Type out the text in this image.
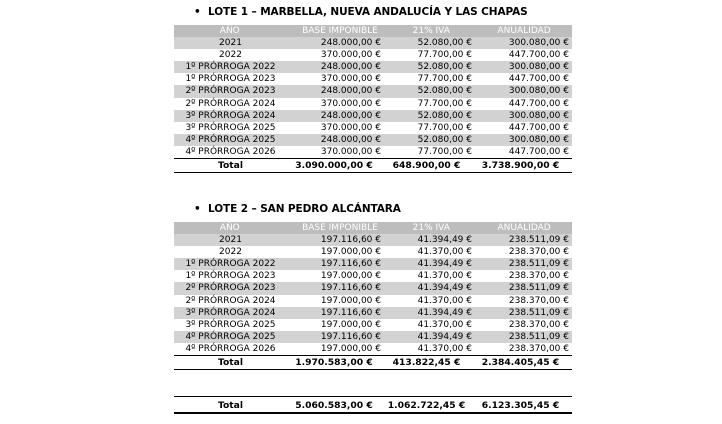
• LOTE 1 – MARBELLA, NUEVA ANDALUCÍA Y LAS CHAPAS
AÑO	BASE IMPONIBLE	21% IVA	ANUALIDAD
2021	248.000,00 €	52.080,00 €	300.080,00 €
2022	370.000,00 €	77.700,00 €	447.700,00 €
1º PRÓRROGA 2022	248.000,00 €	52.080,00 €	300.080,00 €
1º PRÓRROGA 2023	370.000,00 €	77.700,00 €	447.700,00 €
2º PRÓRROGA 2023	248.000,00 €	52.080,00 €	300.080,00 €
2º PRÓRROGA 2024	370.000,00 €	77.700,00 €	447.700,00 €
3º PRÓRROGA 2024	248.000,00 €	52.080,00 €	300.080,00 €
3º PRÓRROGA 2025	370.000,00 €	77.700,00 €	447.700,00 €
4º PRÓRROGA 2025	248.000,00 €	52.080,00 €	300.080,00 €
4º PRÓRROGA 2026	370.000,00 €	77.700,00 €	447.700,00 €
Total	3.090.000,00 €	648.900,00 €	3.738.900,00 €
• LOTE 2 – SAN PEDRO ALCÁNTARA
AÑO	BASE IMPONIBLE	21% IVA	ANUALIDAD
2021	197.116,60 €	41.394,49 €	238.511,09 €
2022	197.000,00 €	41.370,00 €	238.370,00 €
1º PRÓRROGA 2022	197.116,60 €	41.394,49 €	238.511,09 €
1º PRÓRROGA 2023	197.000,00 €	41.370,00 €	238.370,00 €
2º PRÓRROGA 2023	197.116,60 €	41.394,49 €	238.511,09 €
2º PRÓRROGA 2024	197.000,00 €	41.370,00 €	238.370,00 €
3º PRÓRROGA 2024	197.116,60 €	41.394,49 €	238.511,09 €
3º PRÓRROGA 2025	197.000,00 €	41.370,00 €	238.370,00 €
4º PRÓRROGA 2025	197.116,60 €	41.394,49 €	238.511,09 €
4º PRÓRROGA 2026	197.000,00 €	41.370,00 €	238.370,00 €
Total	1.970.583,00 €	413.822,45 €	2.384.405,45 €
Total	5.060.583,00 €	1.062.722,45 €	6.123.305,45 €
